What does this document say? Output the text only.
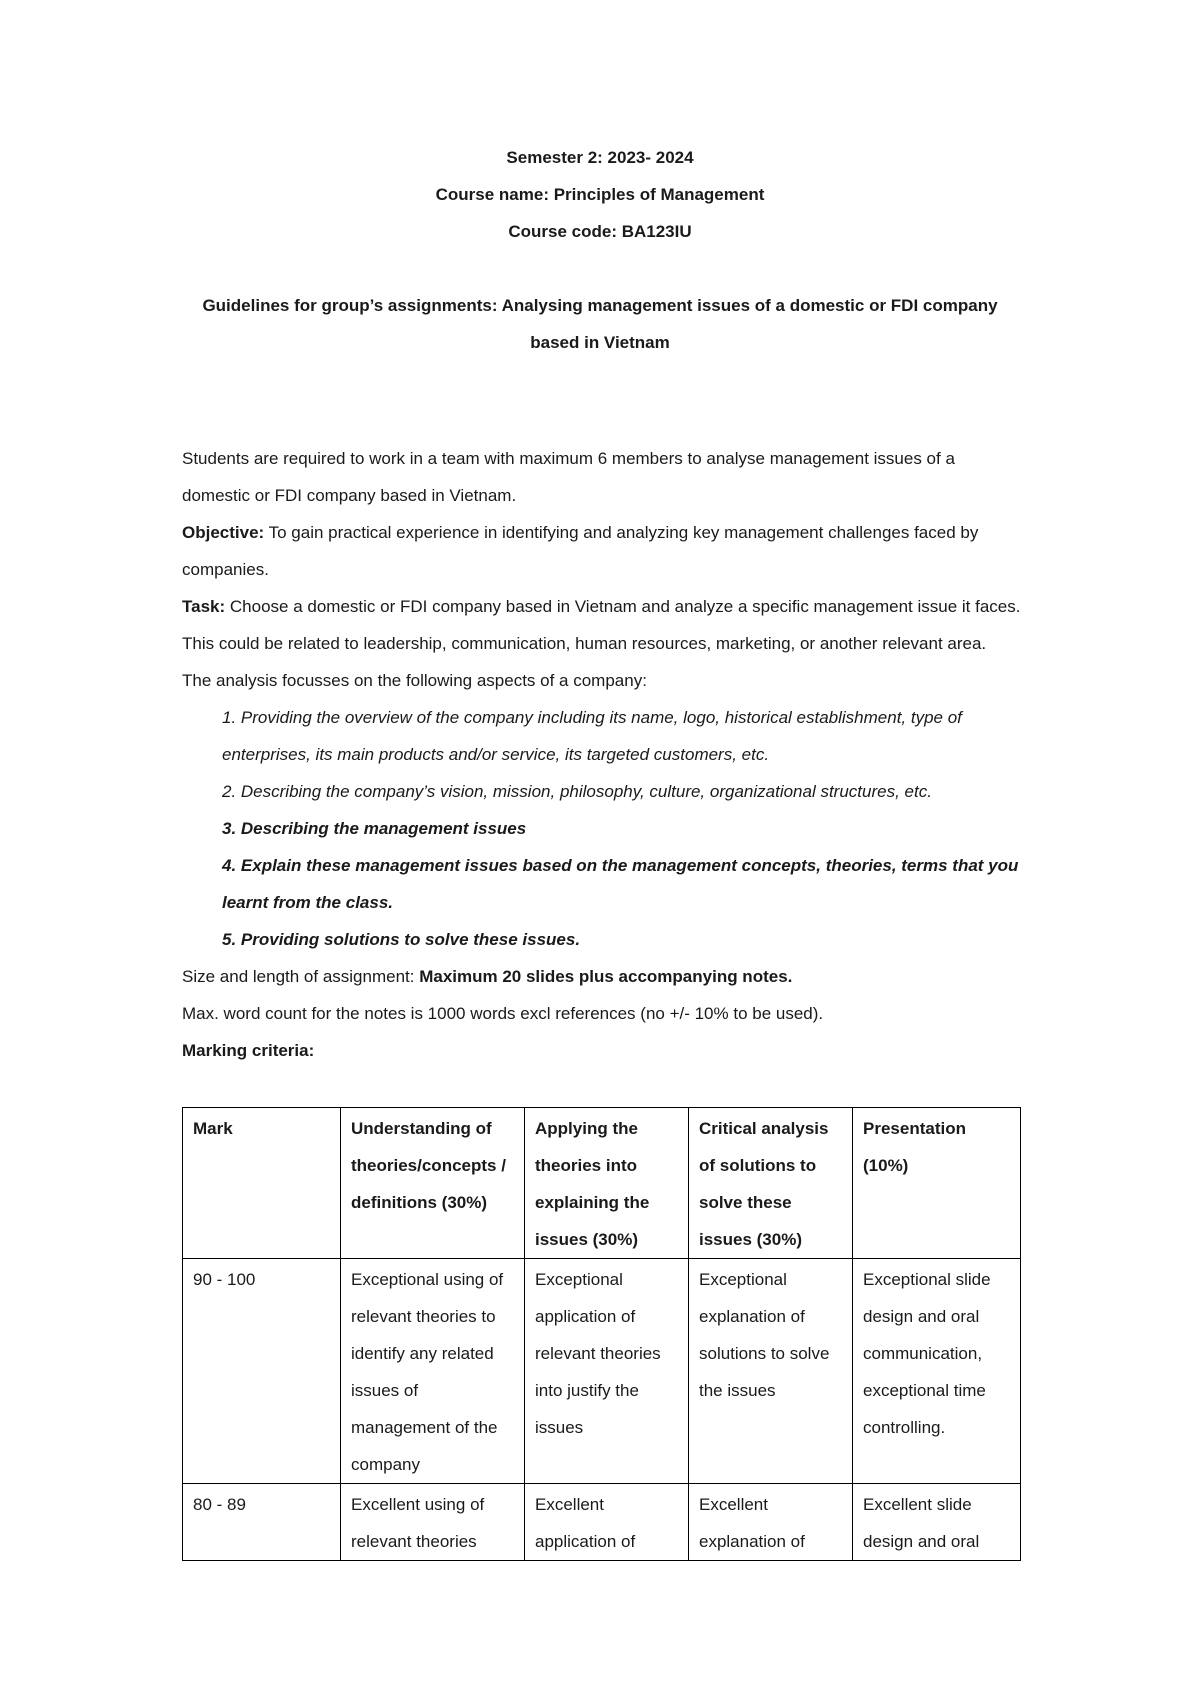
Semester 2: 2023- 2024
Course name: Principles of Management
Course code: BA123IU
Guidelines for group’s assignments: Analysing management issues of a domestic or FDI company
based in Vietnam

Students are required to work in a team with maximum 6 members to analyse management issues of a domestic or FDI company based in Vietnam.

Objective: To gain practical experience in identifying and analyzing key management challenges faced by companies.

Task: Choose a domestic or FDI company based in Vietnam and analyze a specific management issue it faces. This could be related to leadership, communication, human resources, marketing, or another relevant area.

The analysis focusses on the following aspects of a company:

1. Providing the overview of the company including its name, logo, historical establishment, type of enterprises, its main products and/or service, its targeted customers, etc.

2. Describing the company’s vision, mission, philosophy, culture, organizational structures, etc.

3. Describing the management issues

4. Explain these management issues based on the management concepts, theories, terms that you learnt from the class.

5. Providing solutions to solve these issues.

Size and length of assignment: Maximum 20 slides plus accompanying notes.

Max. word count for the notes is 1000 words excl references (no +/- 10% to be used).

Marking criteria:

Mark	Understanding of theories/concepts / definitions (30%)	Applying the theories into explaining the issues (30%)	Critical analysis of solutions to solve these issues (30%)	Presentation (10%)
90 - 100	Exceptional using of relevant theories to identify any related issues of management of the company	Exceptional application of relevant theories into justify the issues	Exceptional explanation of solutions to solve the issues	Exceptional slide design and oral communication, exceptional time controlling.
80 - 89	Excellent using of relevant theories	Excellent application of	Excellent explanation of	Excellent slide design and oral
